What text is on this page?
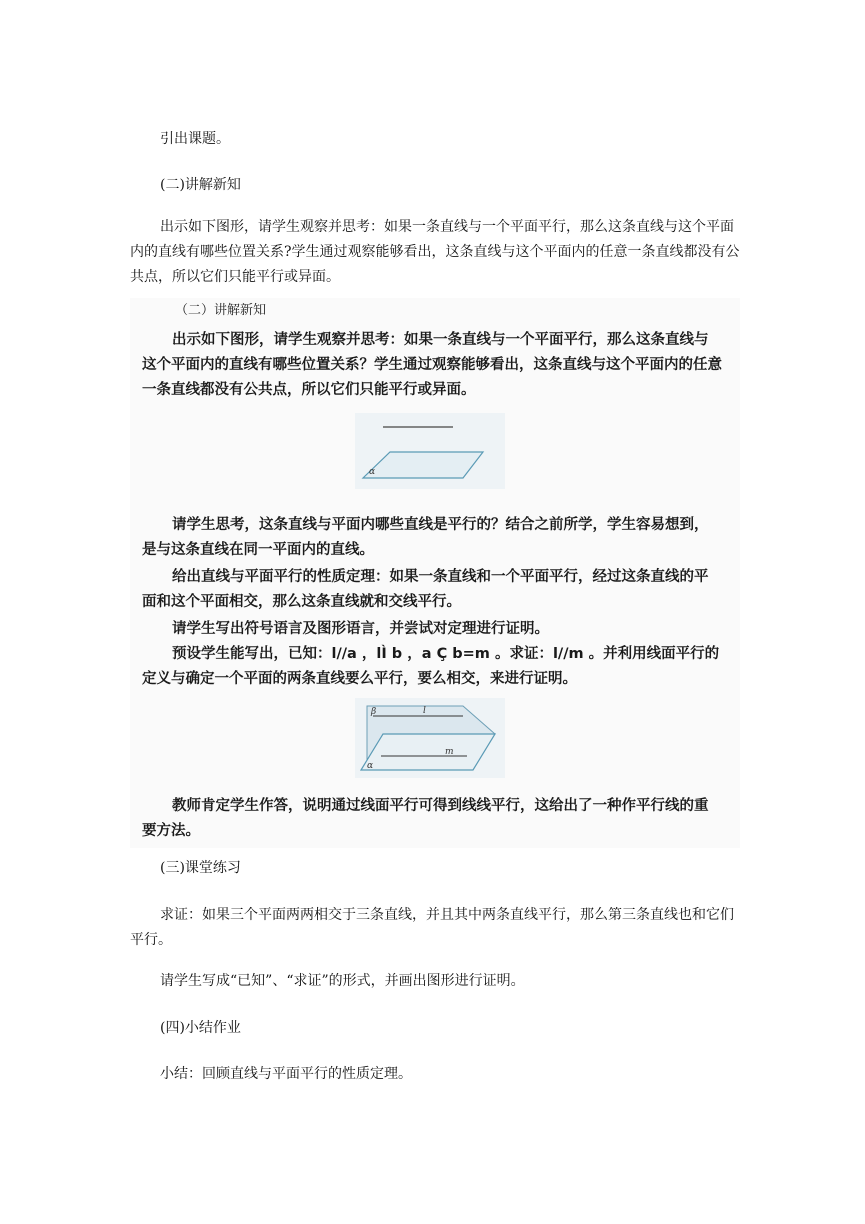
引出课题。

(二)讲解新知

出示如下图形，请学生观察并思考：如果一条直线与一个平面平行，那么这条直线与这个平面内的直线有哪些位置关系?学生通过观察能够看出，这条直线与这个平面内的任意一条直线都没有公共点，所以它们只能平行或异面。

（二）讲解新知

出示如下图形，请学生观察并思考：如果一条直线与一个平面平行，那么这条直线与这个平面内的直线有哪些位置关系？学生通过观察能够看出，这条直线与这个平面内的任意一条直线都没有公共点，所以它们只能平行或异面。

α

请学生思考，这条直线与平面内哪些直线是平行的？结合之前所学，学生容易想到，是与这条直线在同一平面内的直线。

给出直线与平面平行的性质定理：如果一条直线和一个平面平行，经过这条直线的平面和这个平面相交，那么这条直线就和交线平行。

请学生写出符号语言及图形语言，并尝试对定理进行证明。

预设学生能写出，已知：l//a ，lÌ b ，a Ç b=m 。求证：l//m 。并利用线面平行的定义与确定一个平面的两条直线要么平行，要么相交，来进行证明。

β	l
α
m

教师肯定学生作答，说明通过线面平行可得到线线平行，这给出了一种作平行线的重要方法。

(三)课堂练习

求证：如果三个平面两两相交于三条直线，并且其中两条直线平行，那么第三条直线也和它们平行。

请学生写成“已知”、“求证”的形式，并画出图形进行证明。

(四)小结作业

小结：回顾直线与平面平行的性质定理。
